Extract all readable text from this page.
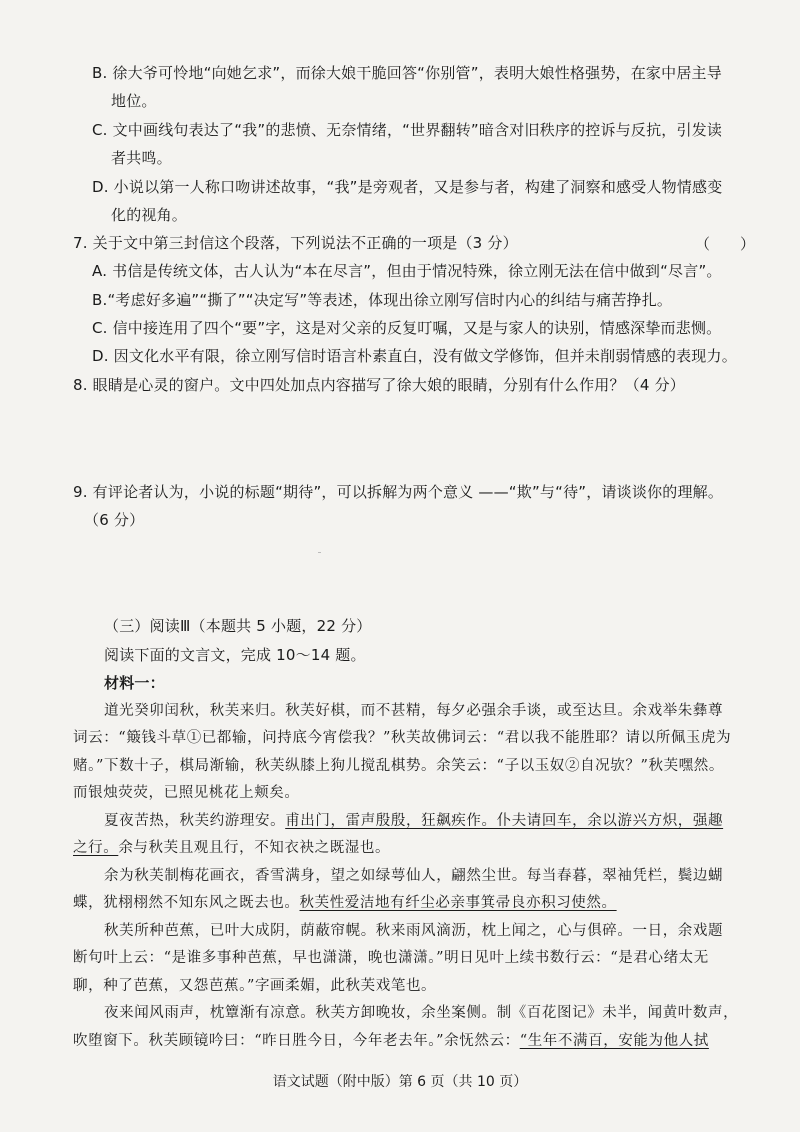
B. 徐大爷可怜地“向她乞求”，而徐大娘干脆回答“你别管”，表明大娘性格强势，在家中居主导
地位。
C. 文中画线句表达了“我”的悲愤、无奈情绪，“世界翻转”暗含对旧秩序的控诉与反抗，引发读
者共鸣。
D. 小说以第一人称口吻讲述故事，“我”是旁观者，又是参与者，构建了洞察和感受人物情感变
化的视角。
7. 关于文中第三封信这个段落，下列说法不正确的一项是（3 分）	（　　）
A. 书信是传统文体，古人认为“本在尽言”，但由于情况特殊，徐立刚无法在信中做到“尽言”。
B.“考虑好多遍”“撕了”“决定写”等表述，体现出徐立刚写信时内心的纠结与痛苦挣扎。
C. 信中接连用了四个“要”字，这是对父亲的反复叮嘱，又是与家人的诀别，情感深挚而悲恻。
D. 因文化水平有限，徐立刚写信时语言朴素直白，没有做文学修饰，但并未削弱情感的表现力。
8. 眼睛是心灵的窗户。文中四处加点内容描写了徐大娘的眼睛，分别有什么作用？（4 分）
9. 有评论者认为，小说的标题“期待”，可以拆解为两个意义 ——“欺”与“待”，请谈谈你的理解。
（6 分）
（三）阅读Ⅲ（本题共 5 小题，22 分）
阅读下面的文言文，完成 10～14 题。
材料一：
道光癸卯闰秋，秋芙来归。秋芙好棋，而不甚精，每夕必强余手谈，或至达旦。余戏举朱彝尊
词云：“簸钱斗草①已都输，问持底今宵偿我？”秋芙故佛词云：“君以我不能胜耶？请以所佩玉虎为
赌。”下数十子，棋局渐输，秋芙纵膝上狗儿搅乱棋势。余笑云：“子以玉奴②自况欤？”秋芙嘿然。
而银烛荧荧，已照见桃花上颊矣。
夏夜苦热，秋芙约游理安。甫出门，雷声殷殷，狂飙疾作。仆夫请回车，余以游兴方炽，强趣
之行。余与秋芙且观且行，不知衣袂之既湿也。
余为秋芙制梅花画衣，香雪满身，望之如绿萼仙人，翩然尘世。每当春暮，翠袖凭栏，鬓边蝴
蝶，犹栩栩然不知东风之既去也。秋芙性爱洁地有纤尘必亲事箕帚良亦积习使然。
秋芙所种芭蕉，已叶大成阴，荫蔽帘幌。秋来雨风滴沥，枕上闻之，心与俱碎。一日，余戏题
断句叶上云：“是谁多事种芭蕉，早也潇潇，晚也潇潇。”明日见叶上续书数行云：“是君心绪太无
聊，种了芭蕉，又怨芭蕉。”字画柔媚，此秋芙戏笔也。
夜来闻风雨声，枕簟渐有凉意。秋芙方卸晚妆，余坐案侧。制《百花图记》未半，闻黄叶数声，
吹堕窗下。秋芙顾镜吟曰：“昨日胜今日，今年老去年。”余怃然云：“生年不满百，安能为他人拭
语文试题（附中版）第 6 页（共 10 页）
